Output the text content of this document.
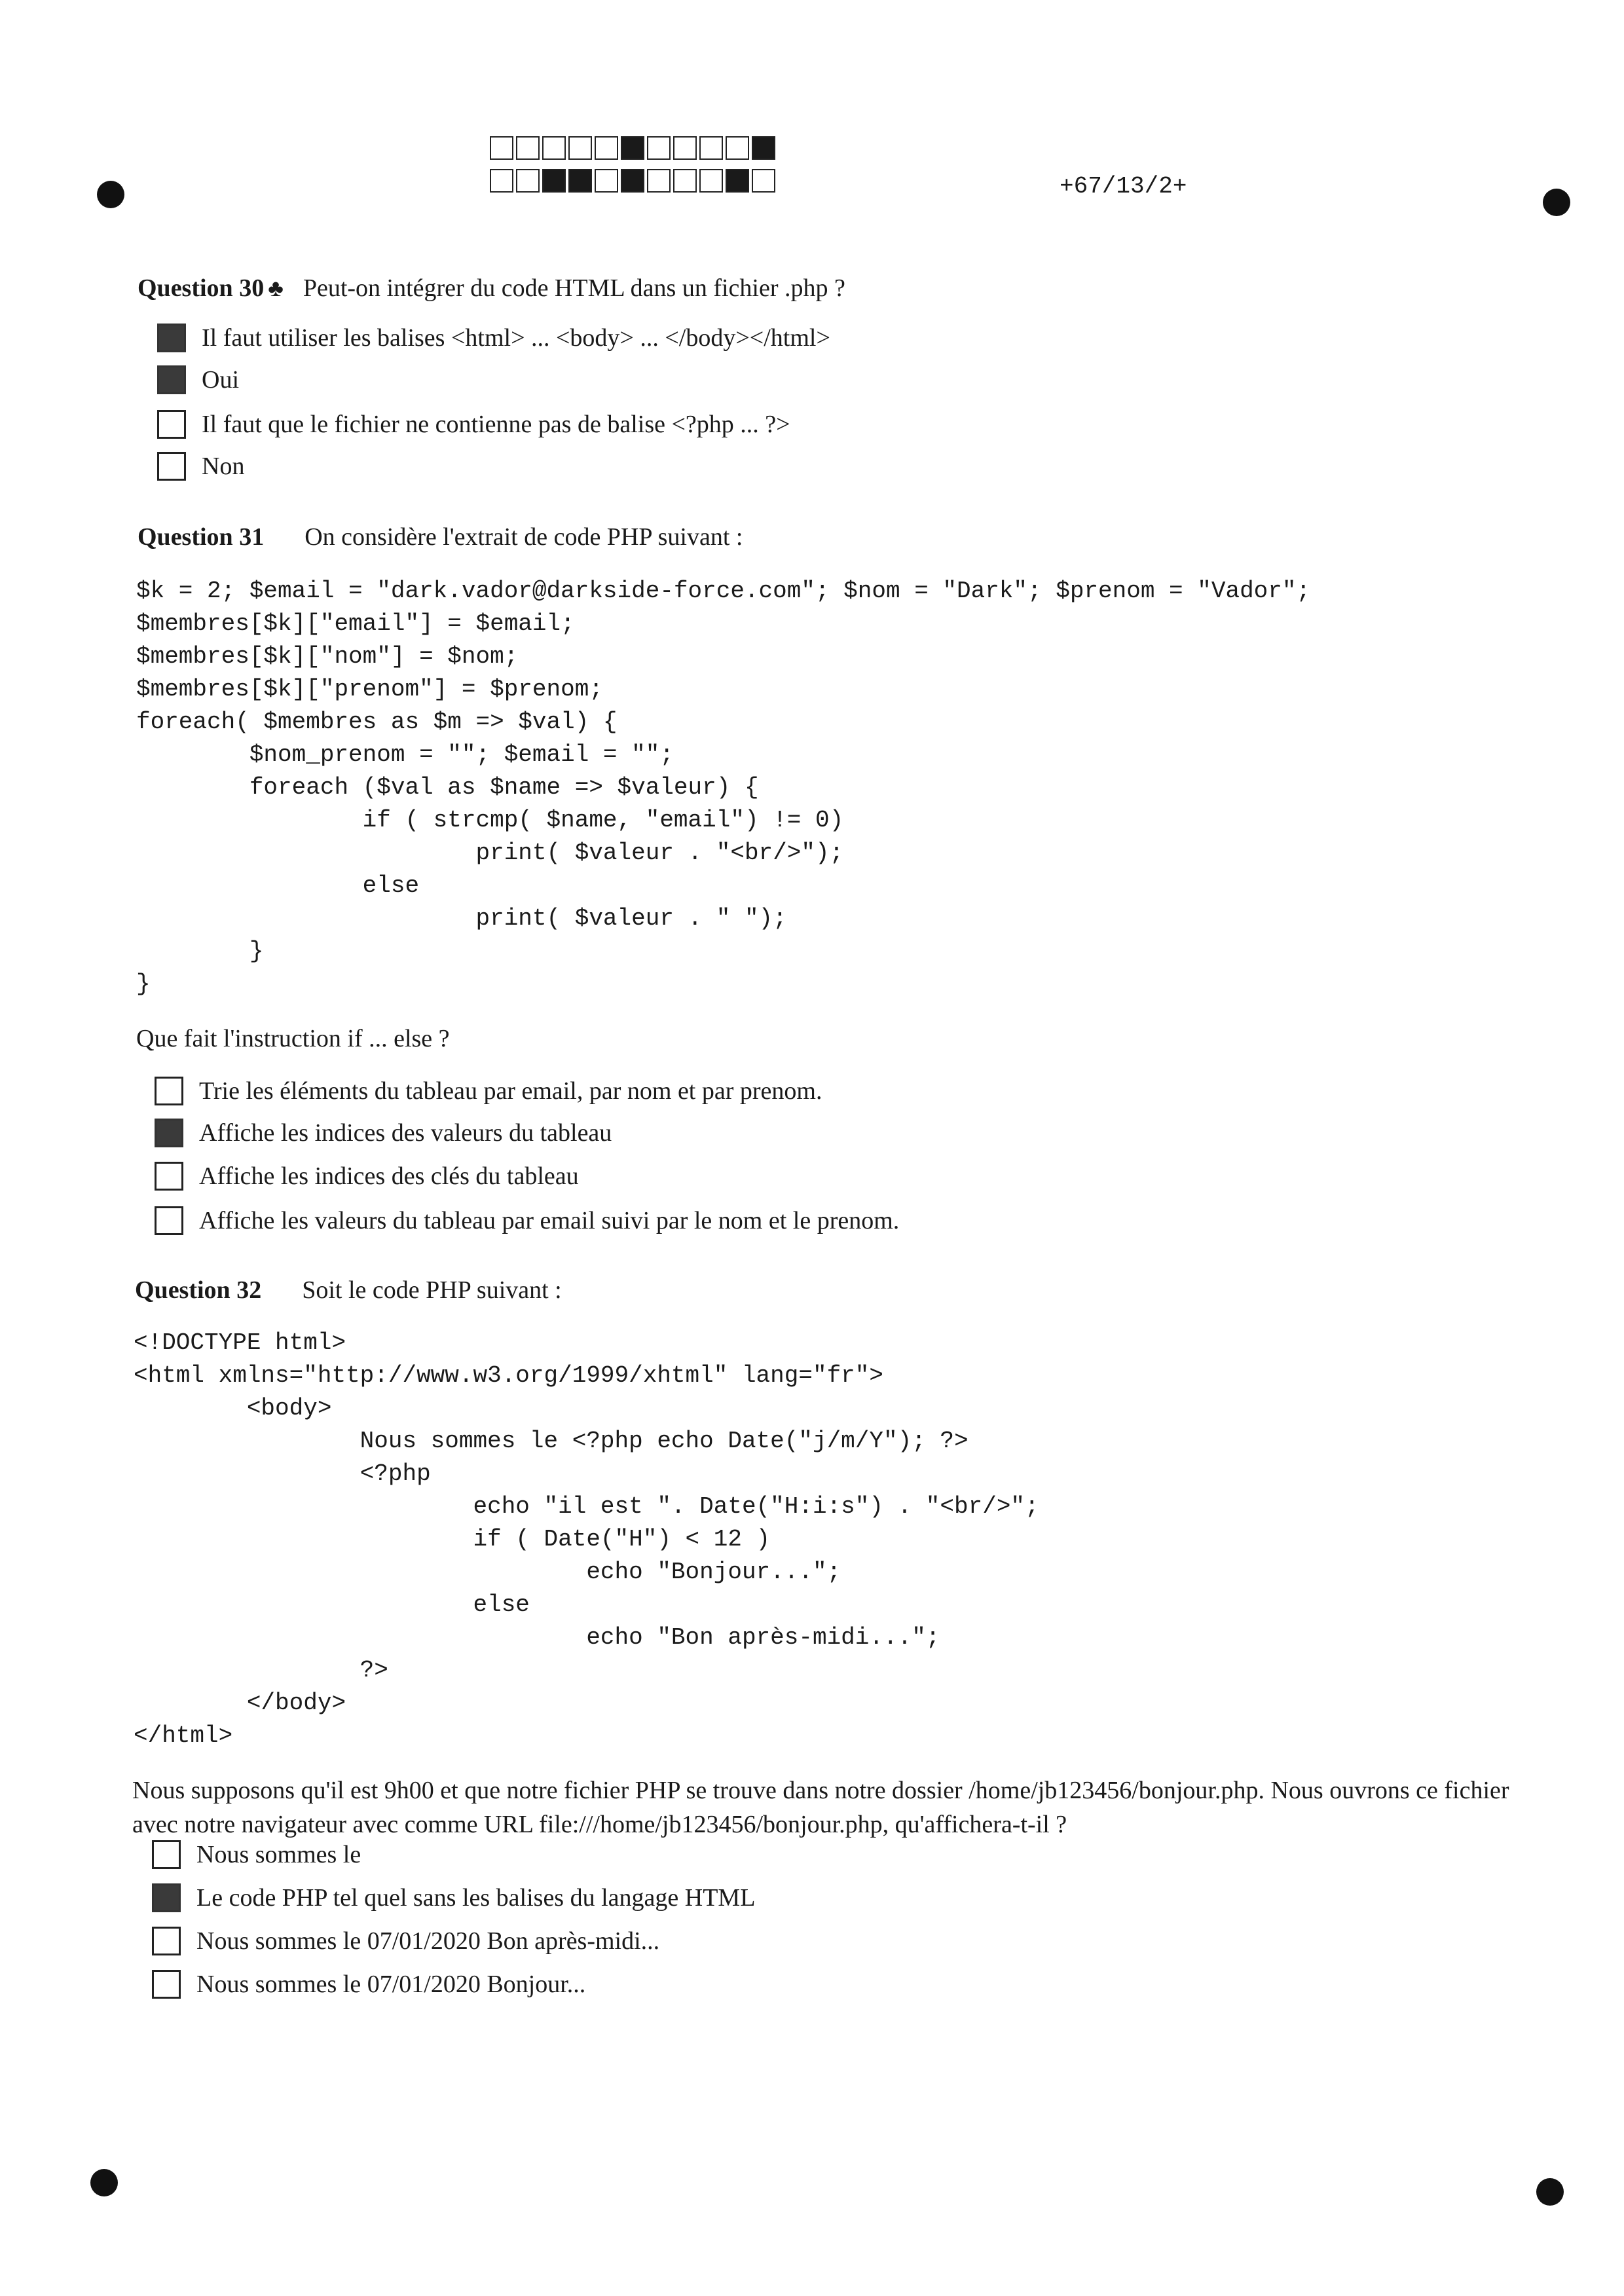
+67/13/2+
Question 30 ♣ Peut-on intégrer du code HTML dans un fichier .php ?
Il faut utiliser les balises <html> ... <body> ... </body></html>
Oui
Il faut que le fichier ne contienne pas de balise <?php ... ?>
Non
Question 31 On considère l'extrait de code PHP suivant :
$k = 2; $email = "dark.vador@darkside-force.com"; $nom = "Dark"; $prenom = "Vador";
$membres[$k]["email"] = $email;
$membres[$k]["nom"] = $nom;
$membres[$k]["prenom"] = $prenom;
foreach( $membres as $m => $val) {
$nom_prenom = ""; $email = "";
foreach ($val as $name => $valeur) {
if ( strcmp( $name, "email") != 0)
print( $valeur . "<br/>");
else
print( $valeur . " ");
}
}
Que fait l'instruction if ... else ?
Trie les éléments du tableau par email, par nom et par prenom.
Affiche les indices des valeurs du tableau
Affiche les indices des clés du tableau
Affiche les valeurs du tableau par email suivi par le nom et le prenom.
Question 32 Soit le code PHP suivant :
<!DOCTYPE html>
<html xmlns="http://www.w3.org/1999/xhtml" lang="fr">
<body>
Nous sommes le <?php echo Date("j/m/Y"); ?>
<?php
echo "il est ". Date("H:i:s") . "<br/>";
if ( Date("H") < 12 )
echo "Bonjour...";
else
echo "Bon après-midi...";
?>
</body>
</html>
Nous supposons qu'il est 9h00 et que notre fichier PHP se trouve dans notre dossier /home/jb123456/bonjour.php. Nous ouvrons ce fichier avec notre navigateur avec comme URL file:///home/jb123456/bonjour.php, qu'affichera-t-il ?
Nous sommes le
Le code PHP tel quel sans les balises du langage HTML
Nous sommes le 07/01/2020 Bon après-midi...
Nous sommes le 07/01/2020 Bonjour...
